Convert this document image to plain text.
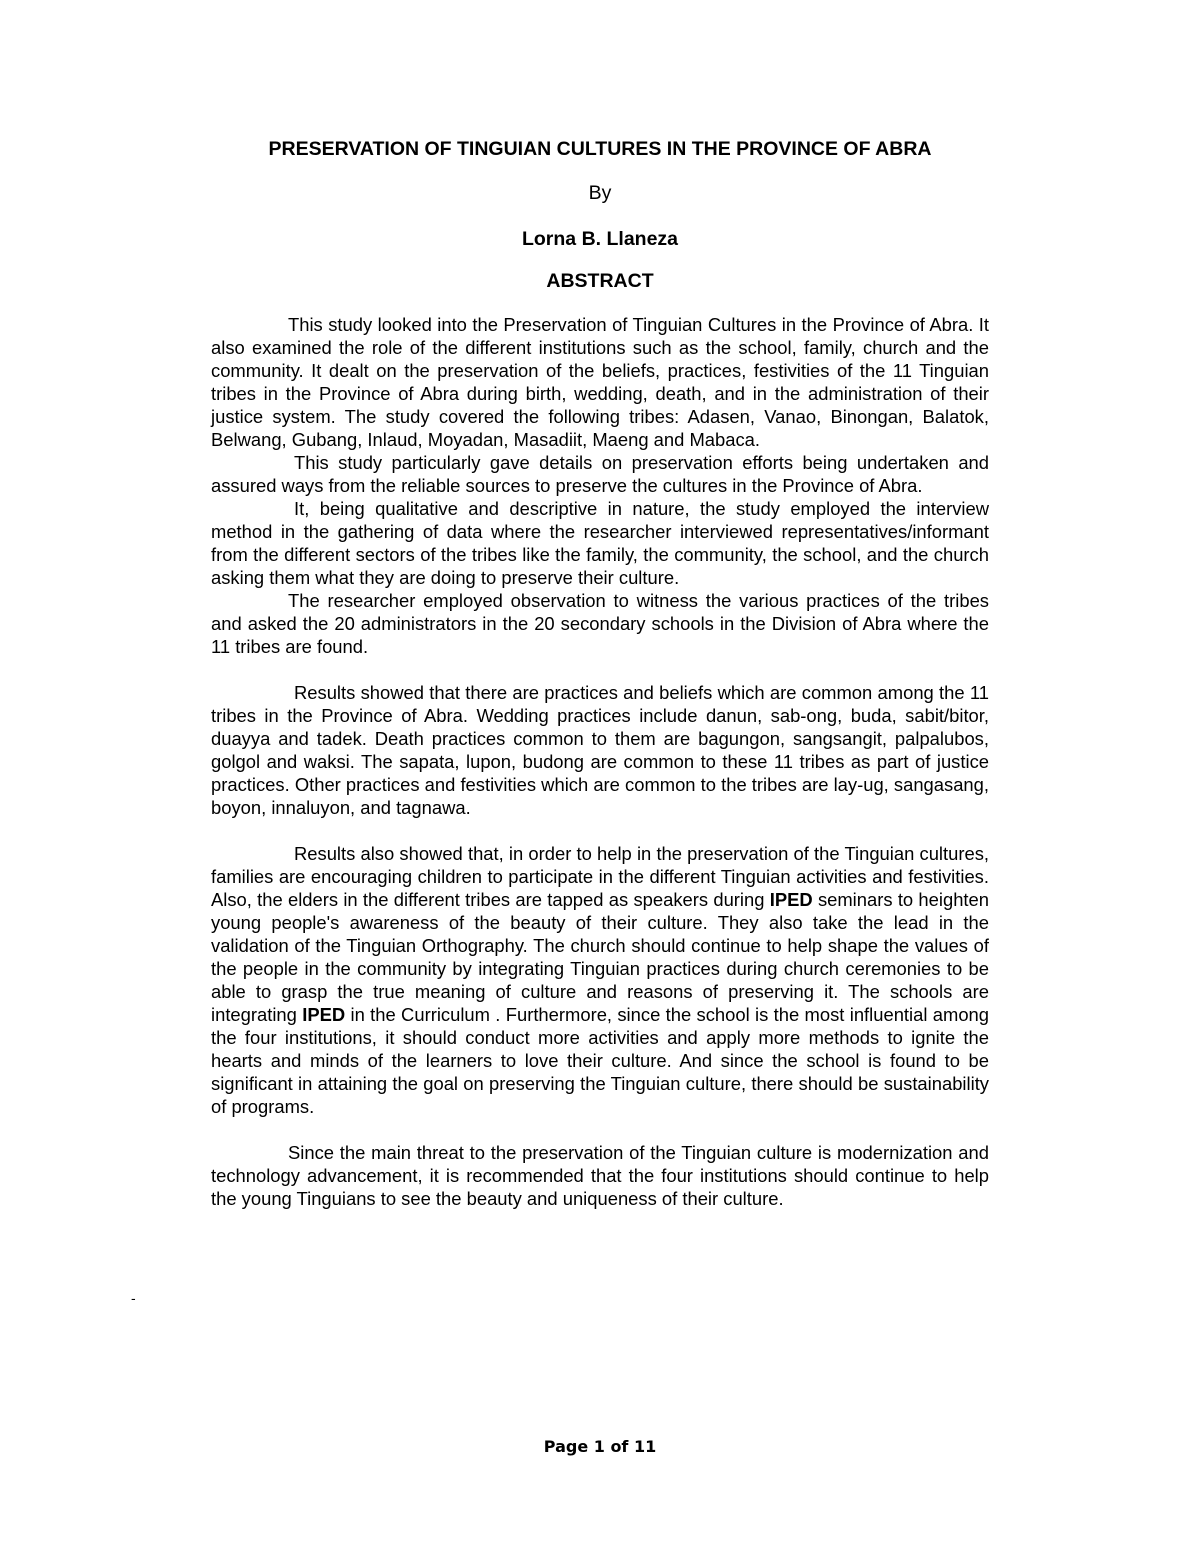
PRESERVATION OF TINGUIAN CULTURES IN THE PROVINCE OF ABRA
By
Lorna B. Llaneza
ABSTRACT

This study looked into the Preservation of Tinguian Cultures in the Province of Abra. It also examined the role of the different institutions such as the school, family, church and the community. It dealt on the preservation of the beliefs, practices, festivities of the 11 Tinguian tribes in the Province of Abra during birth, wedding, death, and in the administration of their justice system. The study covered the following tribes: Adasen, Vanao, Binongan, Balatok, Belwang, Gubang, Inlaud, Moyadan, Masadiit, Maeng and Mabaca.

This study particularly gave details on preservation efforts being undertaken and assured ways from the reliable sources to preserve the cultures in the Province of Abra.

It, being qualitative and descriptive in nature, the study employed the interview method in the gathering of data where the researcher interviewed representatives/informant from the different sectors of the tribes like the family, the community, the school, and the church asking them what they are doing to preserve their culture.

The researcher employed observation to witness the various practices of the tribes and asked the 20 administrators in the 20 secondary schools in the Division of Abra where the 11 tribes are found.

Results showed that there are practices and beliefs which are common among the 11 tribes in the Province of Abra. Wedding practices include danun, sab-ong, buda, sabit/bitor, duayya and tadek. Death practices common to them are bagungon, sangsangit, palpalubos, golgol and waksi. The sapata, lupon, budong are common to these 11 tribes as part of justice practices. Other practices and festivities which are common to the tribes are lay-ug, sangasang, boyon, innaluyon, and tagnawa.

Results also showed that, in order to help in the preservation of the Tinguian cultures, families are encouraging children to participate in the different Tinguian activities and festivities. Also, the elders in the different tribes are tapped as speakers during IPED seminars to heighten young people's awareness of the beauty of their culture. They also take the lead in the validation of the Tinguian Orthography. The church should continue to help shape the values of the people in the community by integrating Tinguian practices during church ceremonies to be able to grasp the true meaning of culture and reasons of preserving it. The schools are integrating IPED in the Curriculum . Furthermore, since the school is the most influential among the four institutions, it should conduct more activities and apply more methods to ignite the hearts and minds of the learners to love their culture. And since the school is found to be significant in attaining the goal on preserving the Tinguian culture, there should be sustainability of programs.

Since the main threat to the preservation of the Tinguian culture is modernization and technology advancement, it is recommended that the four institutions should continue to help the young Tinguians to see the beauty and uniqueness of their culture.

-
Page 1 of 11
